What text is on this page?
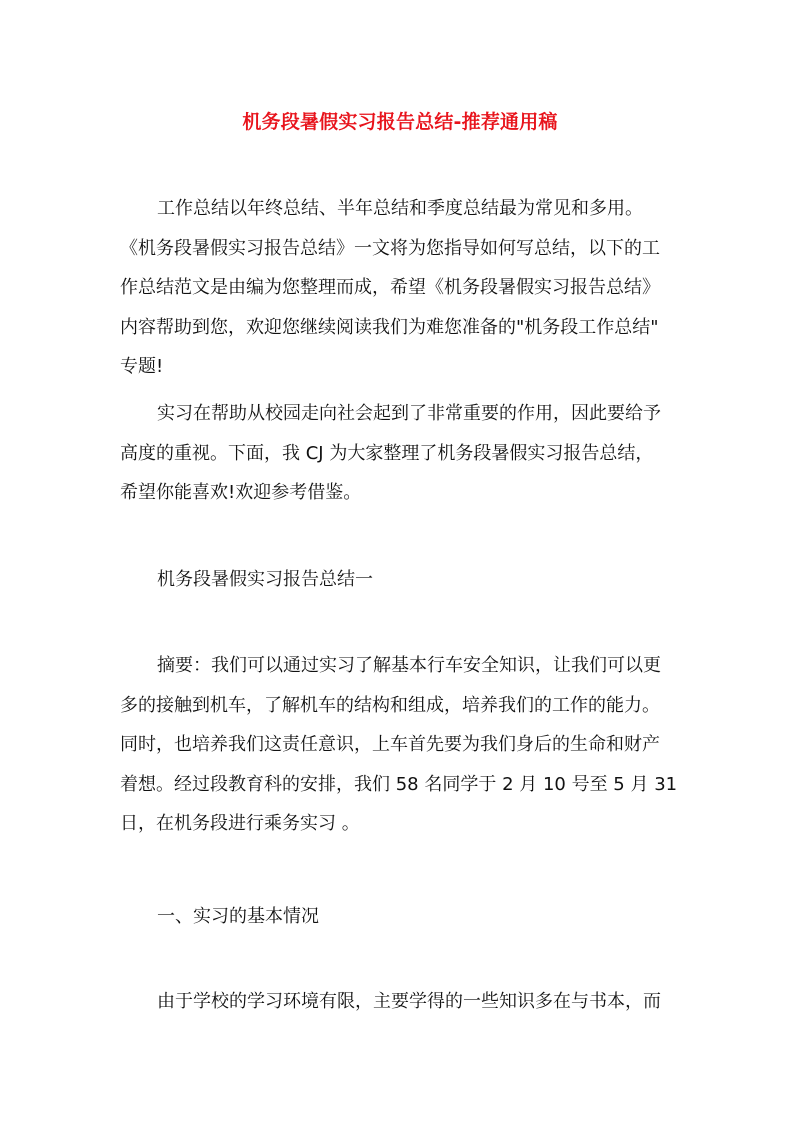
机务段暑假实习报告总结-推荐通用稿
工作总结以年终总结、半年总结和季度总结最为常见和多用。
《机务段暑假实习报告总结》一文将为您指导如何写总结，以下的工
作总结范文是由编为您整理而成，希望《机务段暑假实习报告总结》
内容帮助到您，欢迎您继续阅读我们为难您准备的"机务段工作总结"
专题!
实习在帮助从校园走向社会起到了非常重要的作用，因此要给予
高度的重视。下面，我 CJ 为大家整理了机务段暑假实习报告总结，
希望你能喜欢!欢迎参考借鉴。
机务段暑假实习报告总结一
摘要：我们可以通过实习了解基本行车安全知识，让我们可以更
多的接触到机车，了解机车的结构和组成，培养我们的工作的能力。
同时，也培养我们这责任意识，上车首先要为我们身后的生命和财产
着想。经过段教育科的安排，我们 58 名同学于 2 月 10 号至 5 月 31
日，在机务段进行乘务实习 。
一、实习的基本情况
由于学校的学习环境有限，主要学得的一些知识多在与书本，而
